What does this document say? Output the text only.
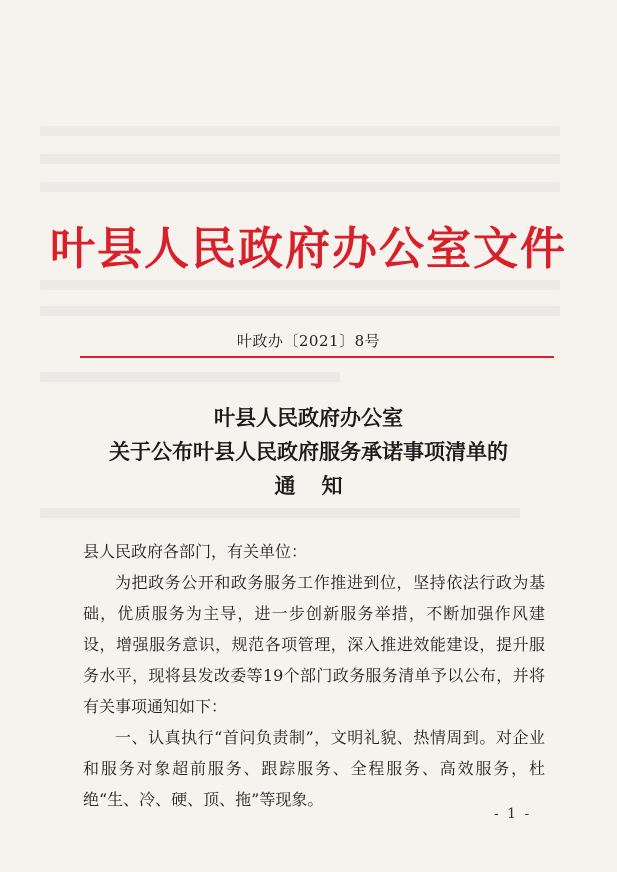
叶县人民政府办公室文件
叶政办〔2021〕8号
叶县人民政府办公室
关于公布叶县人民政府服务承诺事项清单的
通知
县人民政府各部门，有关单位：
为把政务公开和政务服务工作推进到位，坚持依法行政为基础，优质服务为主导，进一步创新服务举措，不断加强作风建设，增强服务意识，规范各项管理，深入推进效能建设，提升服务水平，现将县发改委等19个部门政务服务清单予以公布，并将有关事项通知如下：
一、认真执行“首问负责制”，文明礼貌、热情周到。对企业和服务对象超前服务、跟踪服务、全程服务、高效服务，杜绝“生、冷、硬、顶、拖”等现象。
- 1 -
